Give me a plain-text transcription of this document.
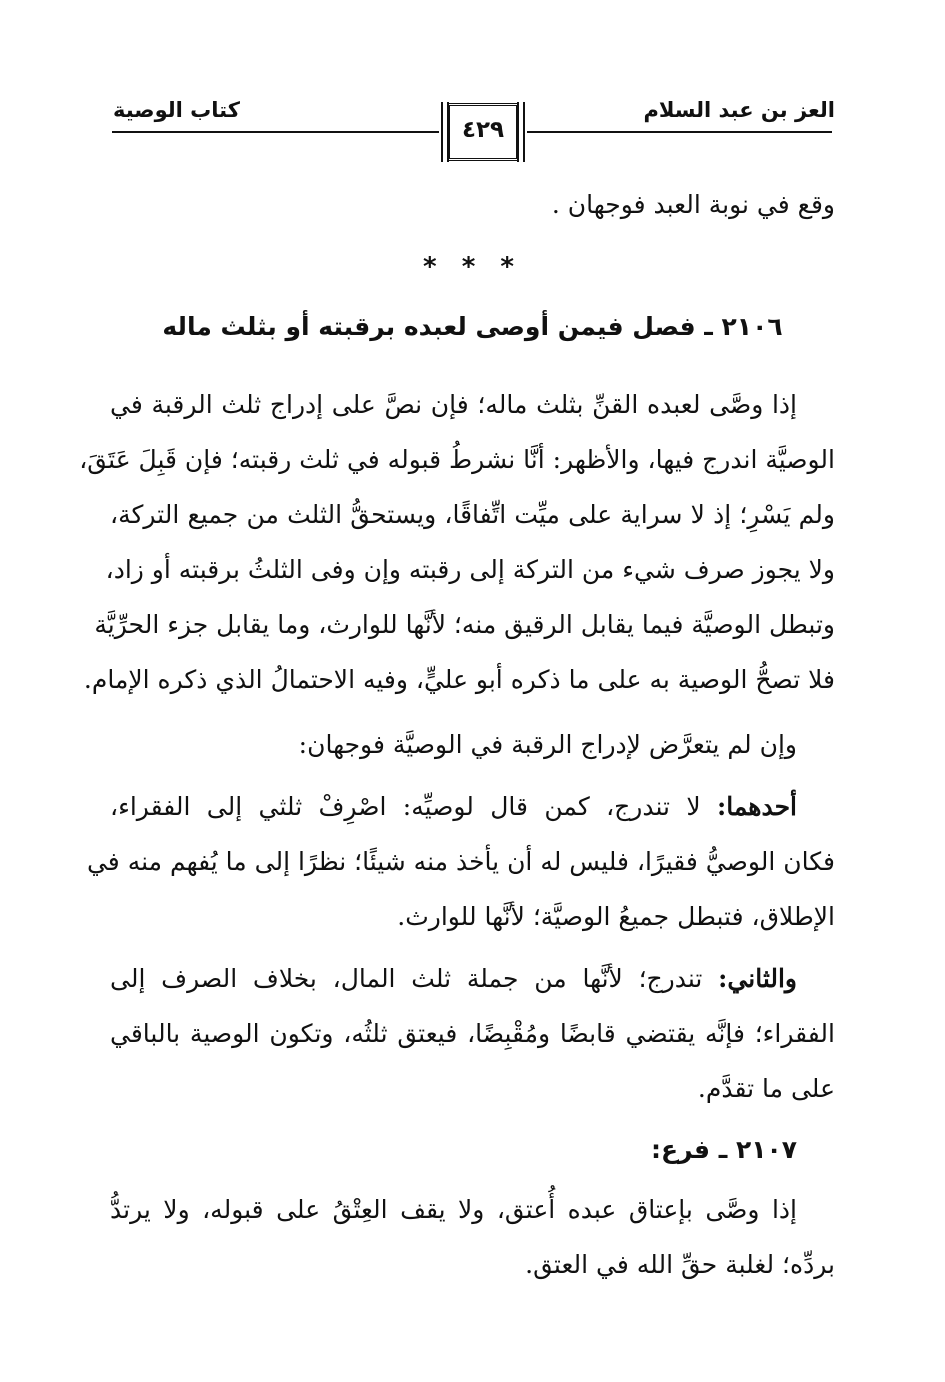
العز بن عبد السلام
كتاب الوصية
٤٢٩
وقع في نوبة العبد فوجهان .
* * *
٢١٠٦ ـ فصل فيمن أوصى لعبده برقبته أو بثلث ماله
إذا وصَّى لعبده القنِّ بثلث ماله؛ فإن نصَّ على إدراج ثلث الرقبة في
الوصيَّة اندرج فيها، والأظهر: أنَّا نشرطُ قبوله في ثلث رقبته؛ فإن قَبِلَ عَتَقَ،
ولم يَسْرِ؛ إذ لا سراية على ميِّت اتِّفاقًا، ويستحقُّ الثلث من جميع التركة،
ولا يجوز صرف شيء من التركة إلى رقبته وإن وفى الثلثُ برقبته أو زاد،
وتبطل الوصيَّة فيما يقابل الرقيق منه؛ لأنَّها للوارث، وما يقابل جزء الحرِّيَّة
فلا تصحُّ الوصية به على ما ذكره أبو عليٍّ، وفيه الاحتمالُ الذي ذكره الإمام.
وإن لم يتعرَّض لإدراج الرقبة في الوصيَّة فوجهان:
أحدهما: لا تندرج، كمن قال لوصيِّه: اصْرِفْ ثلثي إلى الفقراء،
فكان الوصيُّ فقيرًا، فليس له أن يأخذ منه شيئًا؛ نظرًا إلى ما يُفهم منه في
الإطلاق، فتبطل جميعُ الوصيَّة؛ لأنَّها للوارث.
والثاني: تندرج؛ لأنَّها من جملة ثلث المال، بخلاف الصرف إلى
الفقراء؛ فإنَّه يقتضي قابضًا ومُقْبِضًا، فيعتق ثلثُه، وتكون الوصية بالباقي
على ما تقدَّم.
٢١٠٧ ـ فرع:
إذا وصَّى بإعتاق عبده أُعتق، ولا يقف العِتْقُ على قبوله، ولا يرتدُّ
بردِّه؛ لغلبة حقِّ الله في العتق.
